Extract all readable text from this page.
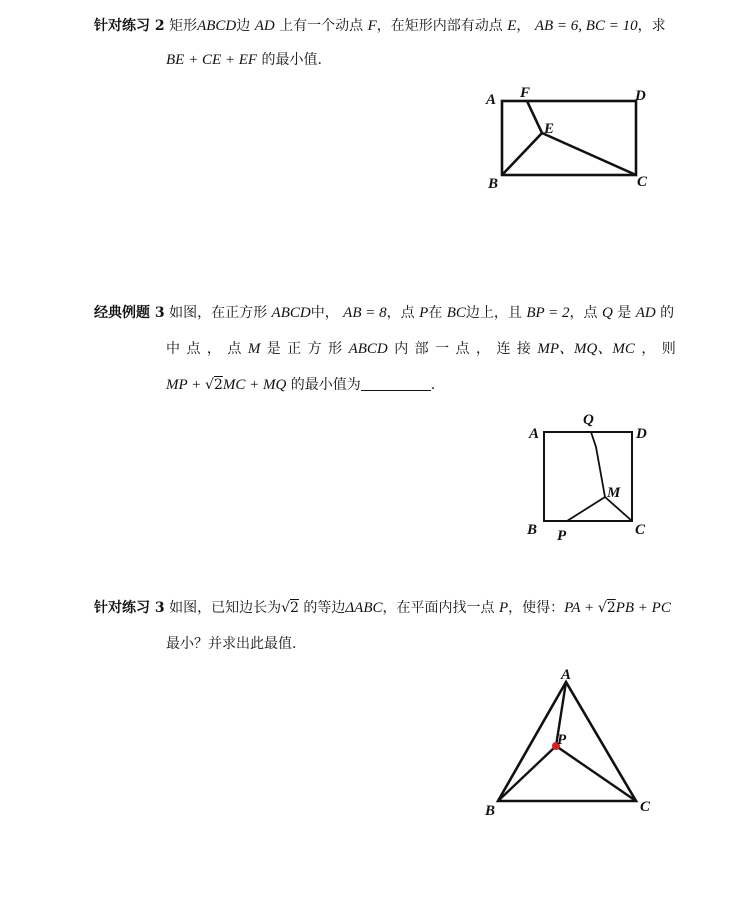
针对练习 2 矩形ABCD边 AD 上有一个动点 F，在矩形内部有动点 E， AB = 6, BC = 10，求
BE + CE + EF 的最小值.
A F	D
E
B	C
A
Q
D
M
B P	C
A
P
B	C
经典例题 3 如图，在正方形 ABCD中， AB = 8，点 P在 BC边上，且 BP = 2，点 Q 是 AD 的
中 点 ， 点 M 是 正 方 形 ABCD 内 部 一 点 ， 连 接 MP、MQ、MC ， 则
MP + √2MC + MQ 的最小值为	.
针对练习 3 如图，已知边长为√2 的等边ΔABC，在平面内找一点 P，使得：PA + √2PB + PC
最小？并求出此最值.
